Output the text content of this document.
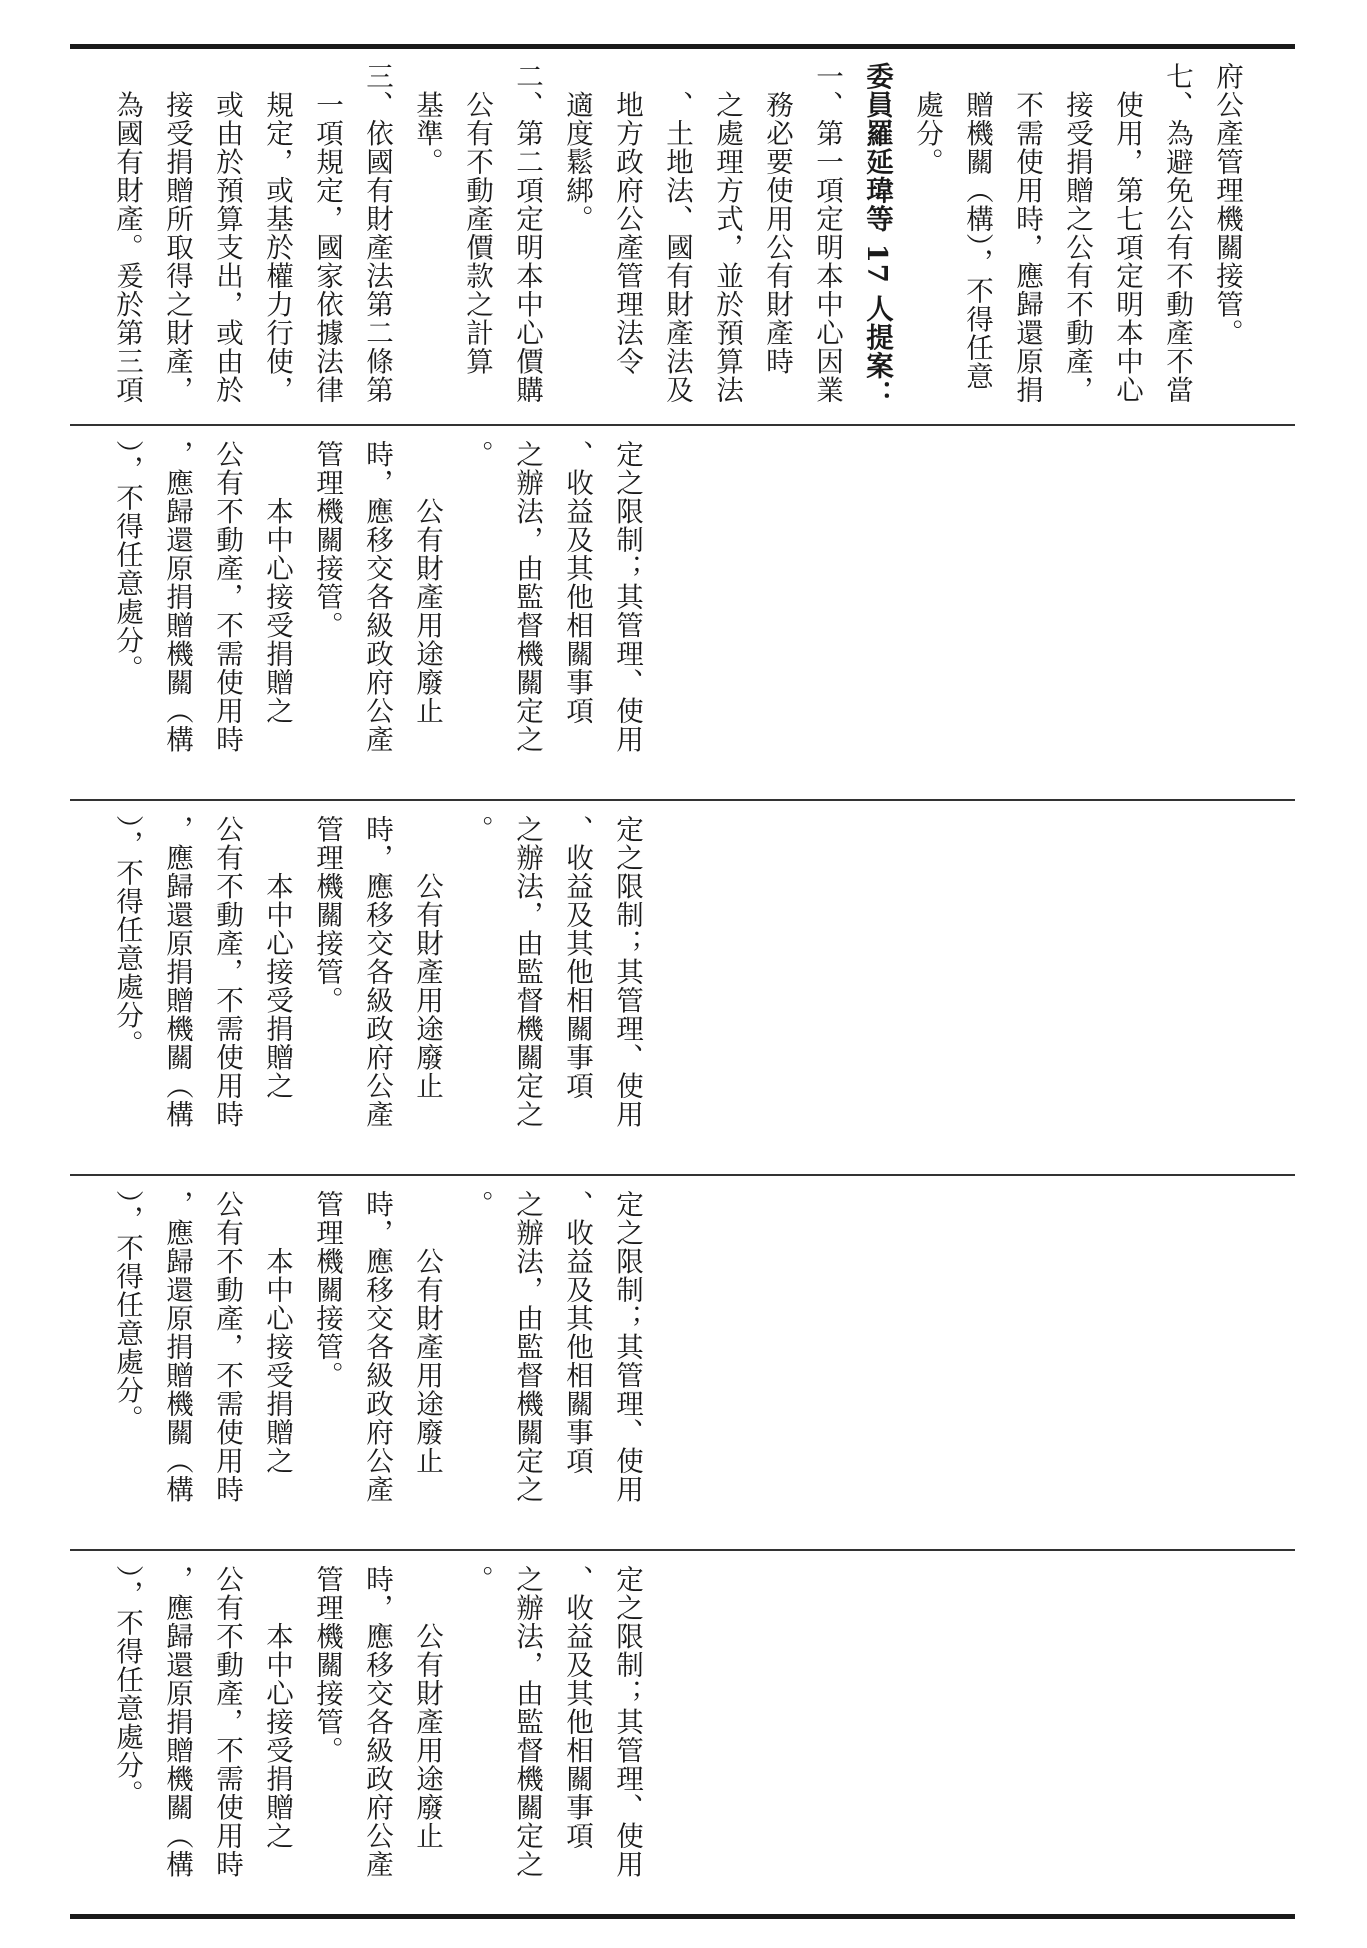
府公產管理機關接管。

七、為避免公有不動產不當

　使用，第七項定明本中心

　接受捐贈之公有不動產，

　不需使用時，應歸還原捐

　贈機關（構），不得任意

　處分。

委員羅延瑋等 17 人提案：

一、第一項定明本中心因業

　務必要使用公有財產時

　之處理方式，並於預算法

　、土地法、國有財產法及

　地方政府公產管理法令

　適度鬆綁。

二、第二項定明本中心價購

　公有不動產價款之計算

　基準。

三、依國有財產法第二條第

　一項規定，國家依據法律

　規定，或基於權力行使，

　或由於預算支出，或由於

　接受捐贈所取得之財產，

　為國有財產。爰於第三項

定之限制；其管理、使用

、收益及其他相關事項

之辦法，由監督機關定之

。

　　公有財產用途廢止

時，應移交各級政府公產

管理機關接管。

　　本中心接受捐贈之

公有不動產，不需使用時

，應歸還原捐贈機關（構

），不得任意處分。

定之限制；其管理、使用

、收益及其他相關事項

之辦法，由監督機關定之

。

　　公有財產用途廢止

時，應移交各級政府公產

管理機關接管。

　　本中心接受捐贈之

公有不動產，不需使用時

，應歸還原捐贈機關（構

），不得任意處分。

定之限制；其管理、使用

、收益及其他相關事項

之辦法，由監督機關定之

。

　　公有財產用途廢止

時，應移交各級政府公產

管理機關接管。

　　本中心接受捐贈之

公有不動產，不需使用時

，應歸還原捐贈機關（構

），不得任意處分。

定之限制；其管理、使用

、收益及其他相關事項

之辦法，由監督機關定之

。

　　公有財產用途廢止

時，應移交各級政府公產

管理機關接管。

　　本中心接受捐贈之

公有不動產，不需使用時

，應歸還原捐贈機關（構

），不得任意處分。
